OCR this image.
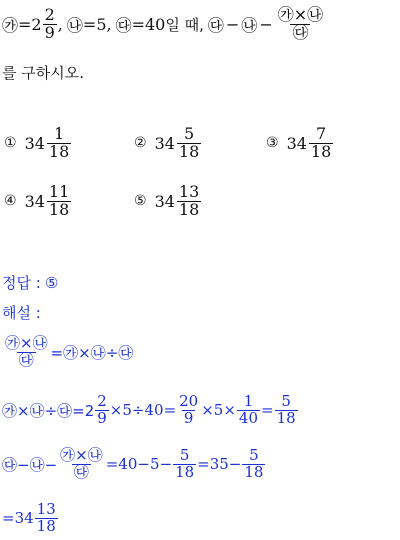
㉮ $=2 \frac{2}{9}$ , ㉯ =5, ㉰ =40 일 때, ㉰ − ㉯ − $\frac{㉮\times㉯}{㉰}$
를 구하시오.
① $34 \frac{1}{18}$	② $34 \frac{5}{18}$	③ $34 \frac{7}{18}$
④ $34 \frac{11}{18}$	⑤ $34 \frac{13}{18}$
정답 : ⑤
해설 :
$\frac{㉮\times㉯}{㉰}$ =㉮×㉯÷㉰
㉮×㉯÷㉰=2 $\frac{2}{9} \times 5\div 40= \frac{20}{9} \times 5\times \frac{1}{40} = \frac{5}{18}$
㉰−㉯− $\frac{㉮\times㉯}{㉰} =40-5- \frac{5}{18} =35- \frac{5}{18}$
$=34 \frac{13}{18}$
